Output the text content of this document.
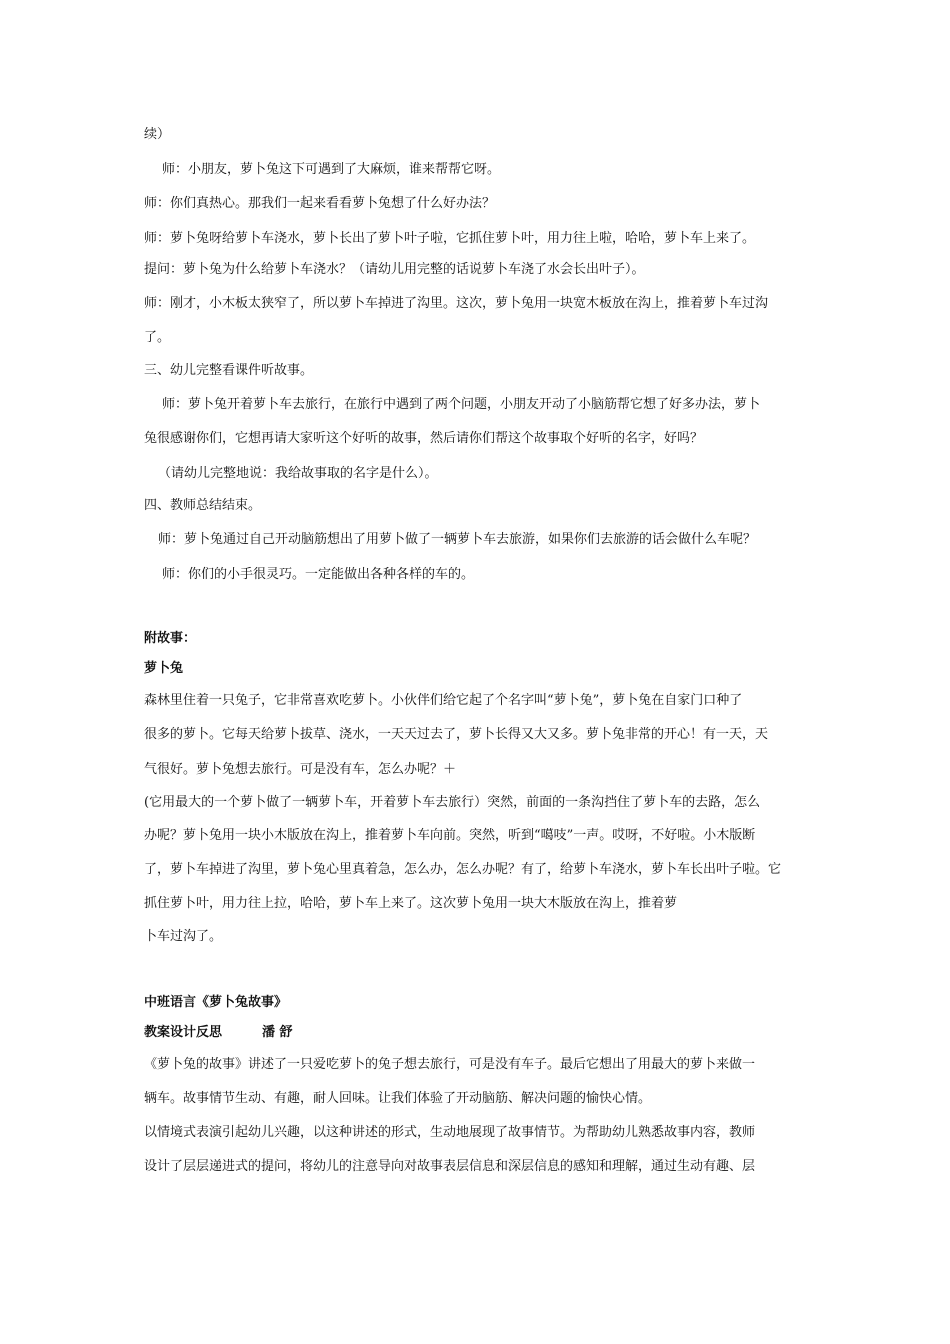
续）

师：小朋友，萝卜兔这下可遇到了大麻烦，谁来帮帮它呀。

师：你们真热心。那我们一起来看看萝卜兔想了什么好办法？

师：萝卜兔呀给萝卜车浇水，萝卜长出了萝卜叶子啦，它抓住萝卜叶，用力往上啦，哈哈，萝卜车上来了。

提问：萝卜兔为什么给萝卜车浇水？（请幼儿用完整的话说萝卜车浇了水会长出叶子）。

师：刚才，小木板太狭窄了，所以萝卜车掉进了沟里。这次，萝卜兔用一块宽木板放在沟上，推着萝卜车过沟

了。

三、幼儿完整看课件听故事。

师：萝卜兔开着萝卜车去旅行，在旅行中遇到了两个问题，小朋友开动了小脑筋帮它想了好多办法，萝卜

兔很感谢你们，它想再请大家听这个好听的故事，然后请你们帮这个故事取个好听的名字，好吗？

（请幼儿完整地说：我给故事取的名字是什么）。

四、教师总结结束。

师：萝卜兔通过自己开动脑筋想出了用萝卜做了一辆萝卜车去旅游，如果你们去旅游的话会做什么车呢？

师：你们的小手很灵巧。一定能做出各种各样的车的。

附故事：

萝卜兔

森林里住着一只兔子，它非常喜欢吃萝卜。小伙伴们给它起了个名字叫“萝卜兔”，萝卜兔在自家门口种了

很多的萝卜。它每天给萝卜拔草、浇水，一天天过去了，萝卜长得又大又多。萝卜兔非常的开心！有一天，天

气很好。萝卜兔想去旅行。可是没有车，怎么办呢？＋

(它用最大的一个萝卜做了一辆萝卜车，开着萝卜车去旅行）突然，前面的一条沟挡住了萝卜车的去路，怎么

办呢？萝卜兔用一块小木版放在沟上，推着萝卜车向前。突然，听到“噶吱”一声。哎呀，不好啦。小木版断

了，萝卜车掉进了沟里，萝卜兔心里真着急，怎么办，怎么办呢？有了，给萝卜车浇水，萝卜车长出叶子啦。它

抓住萝卜叶，用力往上拉，哈哈，萝卜车上来了。这次萝卜兔用一块大木版放在沟上，推着萝

卜车过沟了。

中班语言《萝卜兔故事》

教案设计反思	潘 舒

《萝卜兔的故事》讲述了一只爱吃萝卜的兔子想去旅行，可是没有车子。最后它想出了用最大的萝卜来做一

辆车。故事情节生动、有趣，耐人回味。让我们体验了开动脑筋、解决问题的愉快心情。

以情境式表演引起幼儿兴趣，以这种讲述的形式，生动地展现了故事情节。为帮助幼儿熟悉故事内容，教师

设计了层层递进式的提问，将幼儿的注意导向对故事表层信息和深层信息的感知和理解，通过生动有趣、层
